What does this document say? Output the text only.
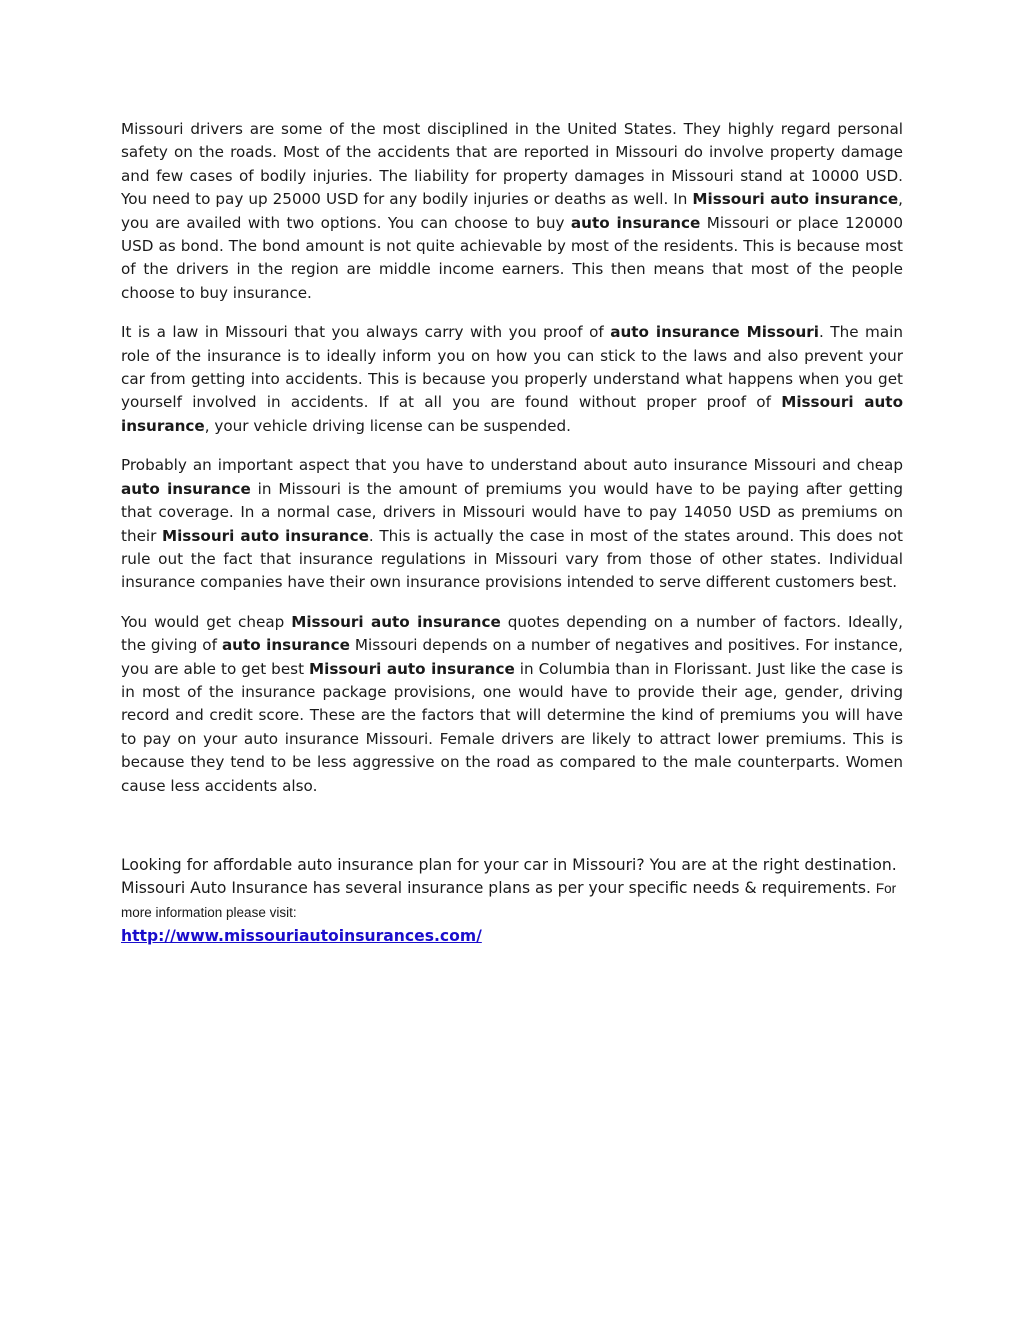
Missouri drivers are some of the most disciplined in the United States. They highly regard personal safety on the roads. Most of the accidents that are reported in Missouri do involve property damage and few cases of bodily injuries. The liability for property damages in Missouri stand at 10000 USD. You need to pay up 25000 USD for any bodily injuries or deaths as well. In Missouri auto insurance, you are availed with two options. You can choose to buy auto insurance Missouri or place 120000 USD as bond. The bond amount is not quite achievable by most of the residents. This is because most of the drivers in the region are middle income earners. This then means that most of the people choose to buy insurance.

It is a law in Missouri that you always carry with you proof of auto insurance Missouri. The main role of the insurance is to ideally inform you on how you can stick to the laws and also prevent your car from getting into accidents. This is because you properly understand what happens when you get yourself involved in accidents. If at all you are found without proper proof of Missouri auto insurance, your vehicle driving license can be suspended.

Probably an important aspect that you have to understand about auto insurance Missouri and cheap auto insurance in Missouri is the amount of premiums you would have to be paying after getting that coverage. In a normal case, drivers in Missouri would have to pay 14050 USD as premiums on their Missouri auto insurance. This is actually the case in most of the states around. This does not rule out the fact that insurance regulations in Missouri vary from those of other states. Individual insurance companies have their own insurance provisions intended to serve different customers best.

You would get cheap Missouri auto insurance quotes depending on a number of factors. Ideally, the giving of auto insurance Missouri depends on a number of negatives and positives. For instance, you are able to get best Missouri auto insurance in Columbia than in Florissant. Just like the case is in most of the insurance package provisions, one would have to provide their age, gender, driving record and credit score. These are the factors that will determine the kind of premiums you will have to pay on your auto insurance Missouri. Female drivers are likely to attract lower premiums. This is because they tend to be less aggressive on the road as compared to the male counterparts. Women cause less accidents also.

Looking for affordable auto insurance plan for your car in Missouri? You are at the right destination. Missouri Auto Insurance has several insurance plans as per your specific needs & requirements. For more information please visit:

http://www.missouriautoinsurances.com/
